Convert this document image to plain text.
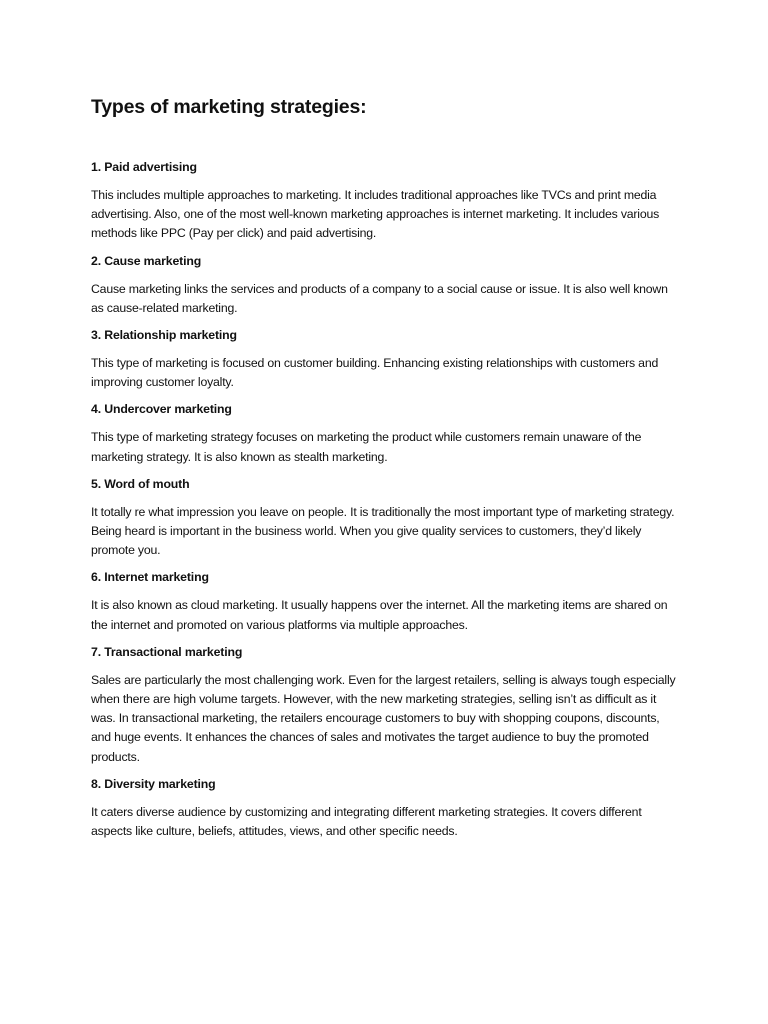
Types of marketing strategies:
1. Paid advertising

This includes multiple approaches to marketing. It includes traditional approaches like TVCs and print media advertising. Also, one of the most well-known marketing approaches is internet marketing. It includes various methods like PPC (Pay per click) and paid advertising.

2. Cause marketing

Cause marketing links the services and products of a company to a social cause or issue. It is also well known as cause-related marketing.

3. Relationship marketing

This type of marketing is focused on customer building. Enhancing existing relationships with customers and improving customer loyalty.

4. Undercover marketing

This type of marketing strategy focuses on marketing the product while customers remain unaware of the marketing strategy. It is also known as stealth marketing.

5. Word of mouth

It totally re what impression you leave on people. It is traditionally the most important type of marketing strategy. Being heard is important in the business world. When you give quality services to customers, they’d likely promote you.

6. Internet marketing

It is also known as cloud marketing. It usually happens over the internet. All the marketing items are shared on the internet and promoted on various platforms via multiple approaches.

7. Transactional marketing

Sales are particularly the most challenging work. Even for the largest retailers, selling is always tough especially when there are high volume targets. However, with the new marketing strategies, selling isn’t as difficult as it was. In transactional marketing, the retailers encourage customers to buy with shopping coupons, discounts, and huge events. It enhances the chances of sales and motivates the target audience to buy the promoted products.

8. Diversity marketing

It caters diverse audience by customizing and integrating different marketing strategies. It covers different aspects like culture, beliefs, attitudes, views, and other specific needs.
